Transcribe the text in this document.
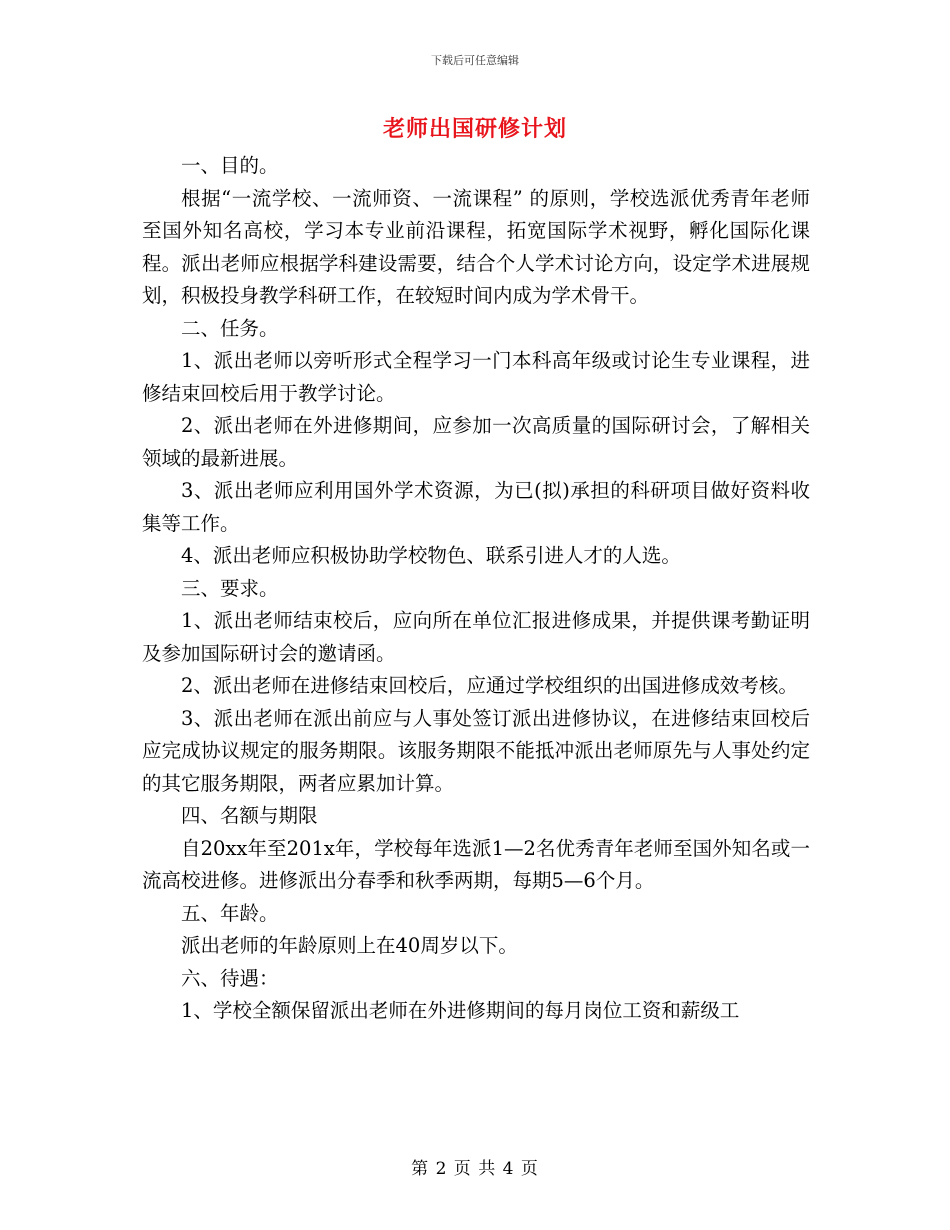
下载后可任意编辑
老师出国研修计划

一、目的。

根据“一流学校、一流师资、一流课程” 的原则，学校选派优秀青年老师至国外知名高校，学习本专业前沿课程，拓宽国际学术视野，孵化国际化课程。派出老师应根据学科建设需要，结合个人学术讨论方向，设定学术进展规划，积极投身教学科研工作，在较短时间内成为学术骨干。

二、任务。

1、派出老师以旁听形式全程学习一门本科高年级或讨论生专业课程，进修结束回校后用于教学讨论。

2、派出老师在外进修期间，应参加一次高质量的国际研讨会，了解相关领域的最新进展。

3、派出老师应利用国外学术资源，为已(拟)承担的科研项目做好资料收集等工作。

4、派出老师应积极协助学校物色、联系引进人才的人选。

三、要求。

1、派出老师结束校后，应向所在单位汇报进修成果，并提供课考勤证明及参加国际研讨会的邀请函。

2、派出老师在进修结束回校后，应通过学校组织的出国进修成效考核。

3、派出老师在派出前应与人事处签订派出进修协议，在进修结束回校后应完成协议规定的服务期限。该服务期限不能抵冲派出老师原先与人事处约定的其它服务期限，两者应累加计算。

四、名额与期限

自20xx年至201x年，学校每年选派1—2名优秀青年老师至国外知名或一流高校进修。进修派出分春季和秋季两期，每期5—6个月。

五、年龄。

派出老师的年龄原则上在40周岁以下。

六、待遇：

1、学校全额保留派出老师在外进修期间的每月岗位工资和薪级工

第 2 页 共 4 页
